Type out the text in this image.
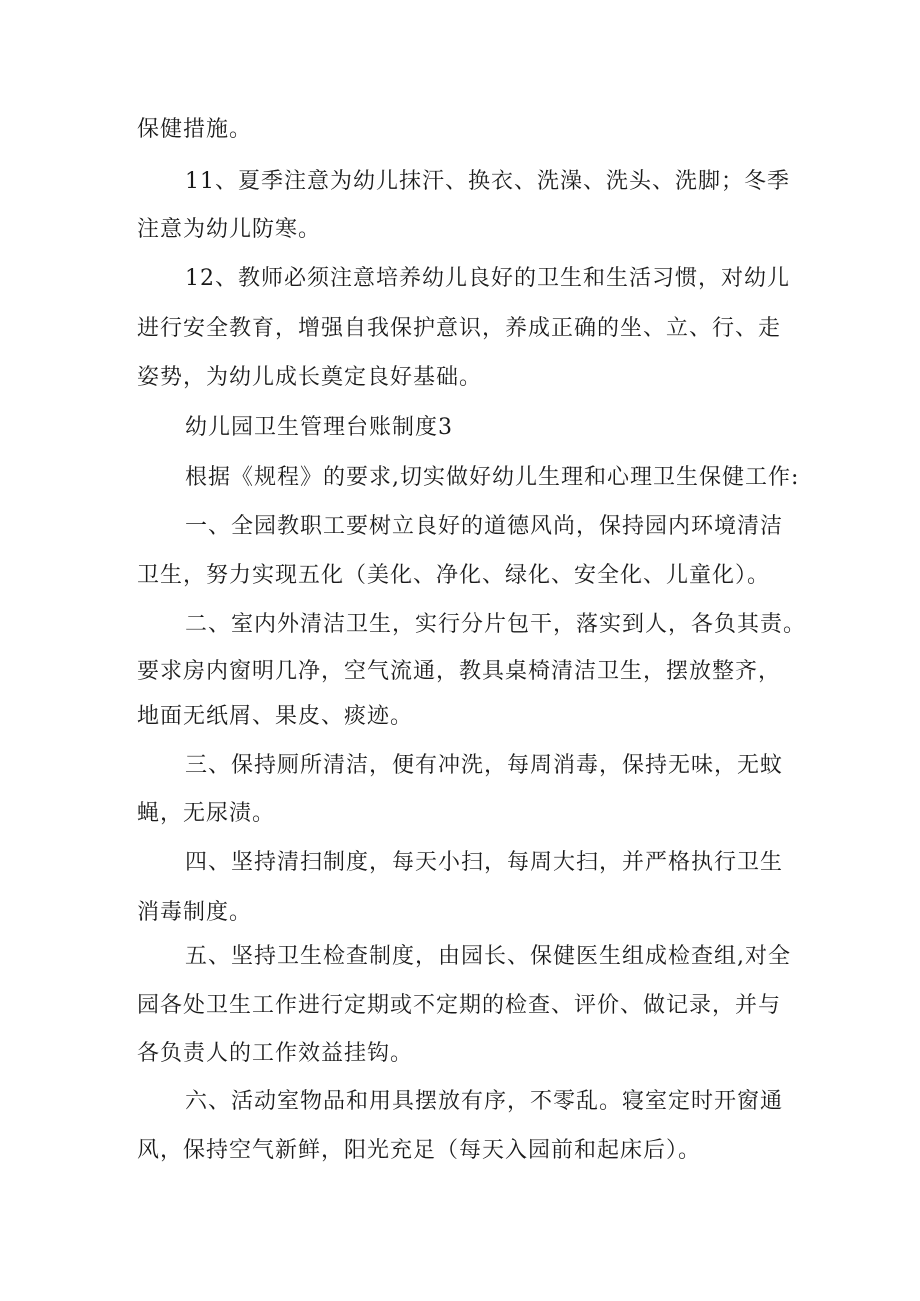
保健措施。

11、夏季注意为幼儿抹汗、换衣、洗澡、洗头、洗脚；冬季

注意为幼儿防寒。

12、教师必须注意培养幼儿良好的卫生和生活习惯，对幼儿

进行安全教育，增强自我保护意识，养成正确的坐、立、行、走

姿势，为幼儿成长奠定良好基础。

幼儿园卫生管理台账制度3

根据《规程》的要求,切实做好幼儿生理和心理卫生保健工作:

一、全园教职工要树立良好的道德风尚，保持园内环境清洁

卫生，努力实现五化（美化、净化、绿化、安全化、儿童化）。

二、室内外清洁卫生，实行分片包干，落实到人，各负其责。

要求房内窗明几净，空气流通，教具桌椅清洁卫生，摆放整齐，

地面无纸屑、果皮、痰迹。

三、保持厕所清洁，便有冲洗，每周消毒，保持无味，无蚊

蝇，无尿渍。

四、坚持清扫制度，每天小扫，每周大扫，并严格执行卫生

消毒制度。

五、坚持卫生检查制度，由园长、保健医生组成检查组,对全

园各处卫生工作进行定期或不定期的检查、评价、做记录，并与

各负责人的工作效益挂钩。

六、活动室物品和用具摆放有序，不零乱。寝室定时开窗通

风，保持空气新鲜，阳光充足（每天入园前和起床后）。
